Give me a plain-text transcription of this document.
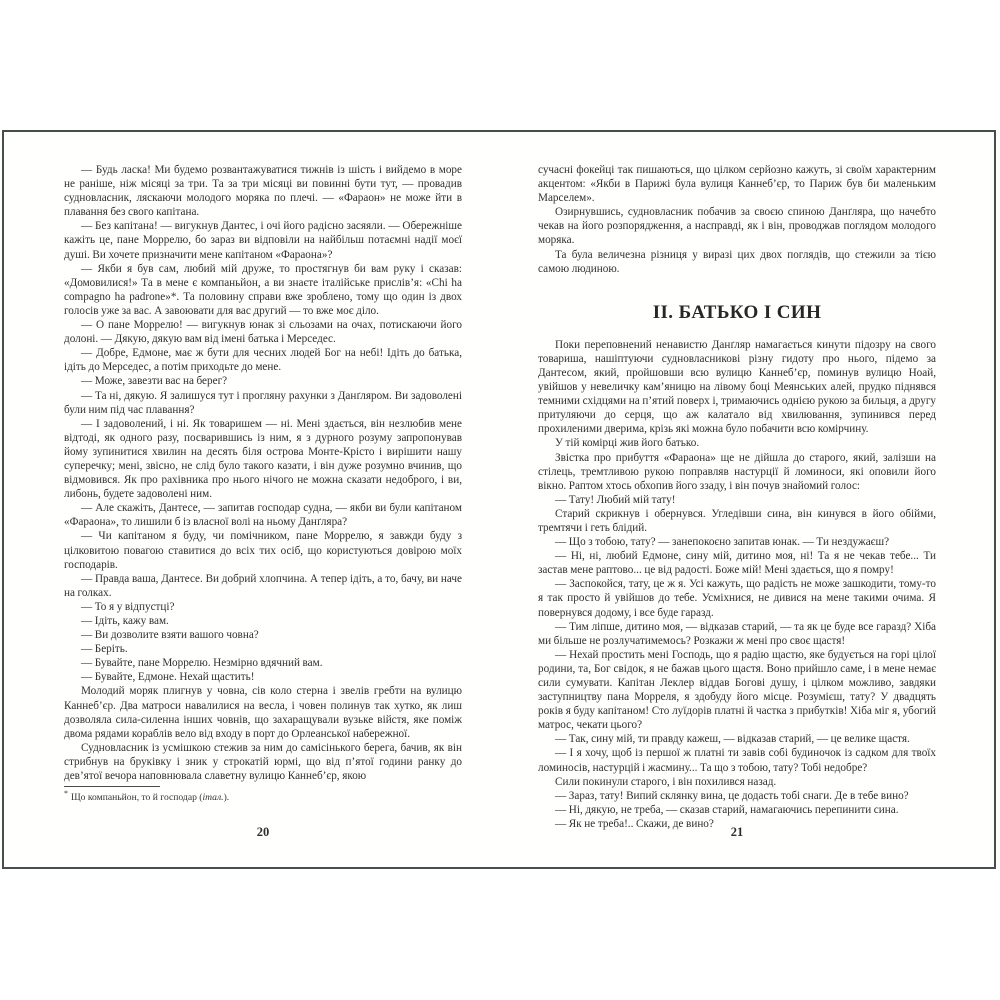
— Будь ласка! Ми будемо розвантажуватися тижнів із шість і вийдемо в море не раніше, ніж місяці за три. Та за три місяці ви повинні бути тут, — провадив судновласник, ляскаючи молодого моряка по плечі. — «Фараон» не може йти в плавання без свого капітана.

— Без капітана! — вигукнув Дантес, і очі його радісно засяяли. — Обережніше кажіть це, пане Моррелю, бо зараз ви відповіли на найбільш потаємні надії моєї душі. Ви хочете призначити мене капітаном «Фараона»?

— Якби я був сам, любий мій друже, то простягнув би вам руку і сказав: «Домовилися!» Та в мене є компаньйон, а ви знаєте італійське прислів’я: «Chi ha compagno ha padrone»*. Та половину справи вже зроблено, тому що один із двох голосів уже за вас. А завоювати для вас другий — то вже моє діло.

— О пане Моррелю! — вигукнув юнак зі сльозами на очах, потискаючи його долоні. — Дякую, дякую вам від імені батька і Мерседес.

— Добре, Едмоне, має ж бути для чесних людей Бог на небі! Ідіть до батька, ідіть до Мерседес, а потім приходьте до мене.

— Може, завезти вас на берег?

— Та ні, дякую. Я залишуся тут і прогляну рахунки з Данґляром. Ви задоволені були ним під час плавання?

— І задоволений, і ні. Як товаришем — ні. Мені здається, він незлюбив мене відтоді, як одного разу, посварившись із ним, я з дурного розуму запропонував йому зупинитися хвилин на десять біля острова Монте-Крісто і вирішити нашу суперечку; мені, звісно, не слід було такого казати, і він дуже розумно вчинив, що відмовився. Як про рахівника про нього нічого не можна сказати недоброго, і ви, либонь, будете задоволені ним.

— Але скажіть, Дантесе, — запитав господар судна, — якби ви були капітаном «Фараона», то лишили б із власної волі на ньому Данґляра?

— Чи капітаном я буду, чи помічником, пане Моррелю, я завжди буду з цілковитою повагою ставитися до всіх тих осіб, що користуються довірою моїх господарів.

— Правда ваша, Дантесе. Ви добрий хлопчина. А тепер ідіть, а то, бачу, ви наче на голках.

— То я у відпустці?

— Ідіть, кажу вам.

— Ви дозволите взяти вашого човна?

— Беріть.

— Бувайте, пане Моррелю. Незмірно вдячний вам.

— Бувайте, Едмоне. Нехай щастить!

Молодий моряк плигнув у човна, сів коло стерна і звелів гребти на вулицю Каннеб’єр. Два матроси навалилися на весла, і човен полинув так хутко, як лиш дозволяла сила-силенна інших човнів, що захаращували вузьке війстя, яке поміж двома рядами кораблів вело від входу в порт до Орлеанської набережної.

Судновласник із усмішкою стежив за ним до самісінького берега, бачив, як він стрибнув на бруківку і зник у строкатій юрмі, що від п’ятої години ранку до дев’ятої вечора наповнювала славетну вулицю Каннеб’єр, якою

* Що компаньйон, то й господар (італ.).
20

сучасні фокейці так пишаються, що цілком серйозно кажуть, зі своїм характерним акцентом: «Якби в Парижі була вулиця Каннеб’єр, то Париж був би маленьким Марселем».

Озирнувшись, судновласник побачив за своєю спиною Данґляра, що начебто чекав на його розпорядження, а насправді, як і він, проводжав поглядом молодого моряка.

Та була величезна різниця у виразі цих двох поглядів, що стежили за тією самою людиною.

ІІ. БАТЬКО І СИН

Поки переповнений ненавистю Данґляр намагається кинути підозру на свого товариша, нашіптуючи судновласникові різну гидоту про нього, підемо за Дантесом, який, пройшовши всю вулицю Каннеб’єр, поминув вулицю Ноай, увійшов у невеличку кам’яницю на лівому боці Меянських алей, прудко піднявся темними східцями на п’ятий поверх і, тримаючись однією рукою за бильця, а другу притуляючи до серця, що аж калатало від хвилювання, зупинився перед прохиленими дверима, крізь які можна було побачити всю комірчину.

У тій комірці жив його батько.

Звістка про прибуття «Фараона» ще не дійшла до старого, який, залізши на стілець, тремтливою рукою поправляв настурції й ломиноси, які оповили його вікно. Раптом хтось обхопив його ззаду, і він почув знайомий голос:

— Тату! Любий мій тату!

Старий скрикнув і обернувся. Угледівши сина, він кинувся в його обійми, тремтячи і геть блідий.

— Що з тобою, тату? — занепокоєно запитав юнак. — Ти нездужаєш?

— Ні, ні, любий Едмоне, сину мій, дитино моя, ні! Та я не чекав тебе... Ти застав мене раптово... це від радості. Боже мій! Мені здається, що я помру!

— Заспокойся, тату, це ж я. Усі кажуть, що радість не може зашкодити, тому-то я так просто й увійшов до тебе. Усміхнися, не дивися на мене такими очима. Я повернувся додому, і все буде гаразд.

— Тим ліпше, дитино моя, — відказав старий, — та як це буде все гаразд? Хіба ми більше не розлучатимемось? Розкажи ж мені про своє щастя!

— Нехай простить мені Господь, що я радію щастю, яке будується на горі цілої родини, та, Бог свідок, я не бажав цього щастя. Воно прийшло саме, і в мене немає сили сумувати. Капітан Леклер віддав Богові душу, і цілком можливо, завдяки заступництву пана Морреля, я здобуду його місце. Розумієш, тату? У двадцять років я буду капітаном! Сто луїдорів платні й частка з прибутків! Хіба міг я, убогий матрос, чекати цього?

— Так, сину мій, ти правду кажеш, — відказав старий, — це велике щастя.

— І я хочу, щоб із першої ж платні ти завів собі будиночок із садком для твоїх ломиносів, настурцій і жасмину... Та що з тобою, тату? Тобі недобре?

Сили покинули старого, і він похилився назад.

— Зараз, тату! Випий склянку вина, це додасть тобі снаги. Де в тебе вино?

— Ні, дякую, не треба, — сказав старий, намагаючись перепинити сина.

— Як не треба!.. Скажи, де вино?

21
